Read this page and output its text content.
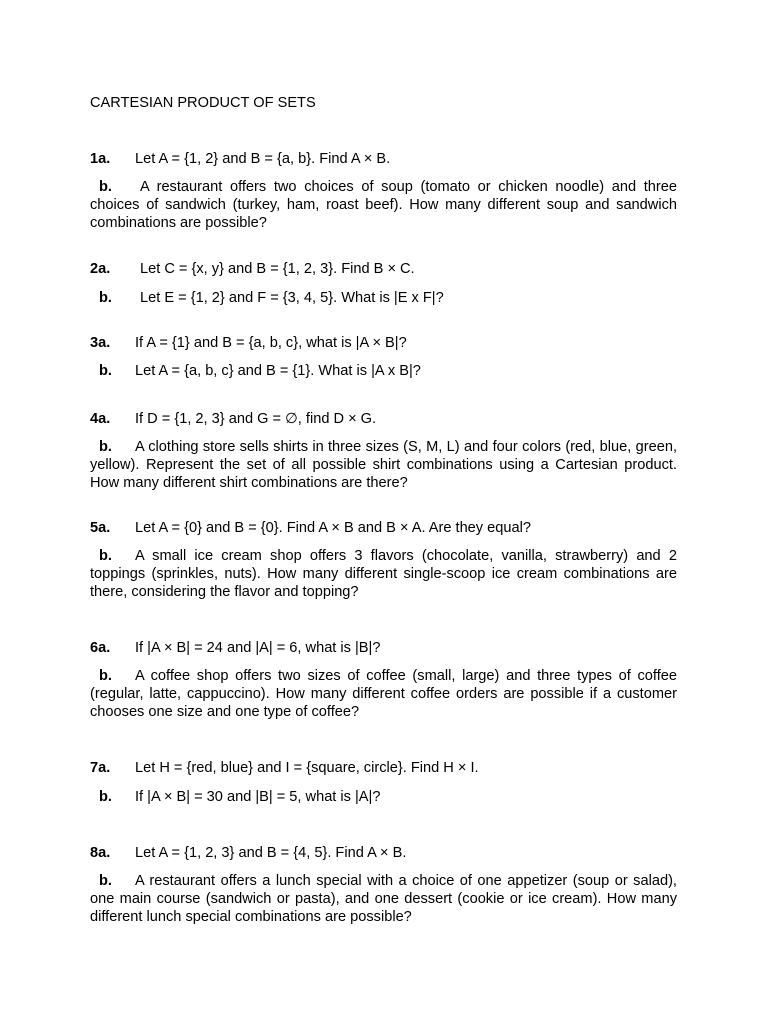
CARTESIAN PRODUCT OF SETS
1a. Let A = {1, 2} and B = {a, b}. Find A × B.
b. A restaurant offers two choices of soup (tomato or chicken noodle) and three choices of sandwich (turkey, ham, roast beef). How many different soup and sandwich combinations are possible?
2a. Let C = {x, y} and B = {1, 2, 3}. Find B × C.
b. Let E = {1, 2} and F = {3, 4, 5}. What is |E x F|?
3a. If A = {1} and B = {a, b, c}, what is |A × B|?
b. Let A = {a, b, c} and B = {1}. What is |A x B|?
4a. If D = {1, 2, 3} and G = ∅, find D × G.
b. A clothing store sells shirts in three sizes (S, M, L) and four colors (red, blue, green, yellow). Represent the set of all possible shirt combinations using a Cartesian product. How many different shirt combinations are there?
5a. Let A = {0} and B = {0}. Find A × B and B × A. Are they equal?
b. A small ice cream shop offers 3 flavors (chocolate, vanilla, strawberry) and 2 toppings (sprinkles, nuts). How many different single-scoop ice cream combinations are there, considering the flavor and topping?
6a. If |A × B| = 24 and |A| = 6, what is |B|?
b. A coffee shop offers two sizes of coffee (small, large) and three types of coffee (regular, latte, cappuccino). How many different coffee orders are possible if a customer chooses one size and one type of coffee?
7a. Let H = {red, blue} and I = {square, circle}. Find H × I.
b. If |A × B| = 30 and |B| = 5, what is |A|?
8a. Let A = {1, 2, 3} and B = {4, 5}. Find A × B.
b. A restaurant offers a lunch special with a choice of one appetizer (soup or salad), one main course (sandwich or pasta), and one dessert (cookie or ice cream). How many different lunch special combinations are possible?
